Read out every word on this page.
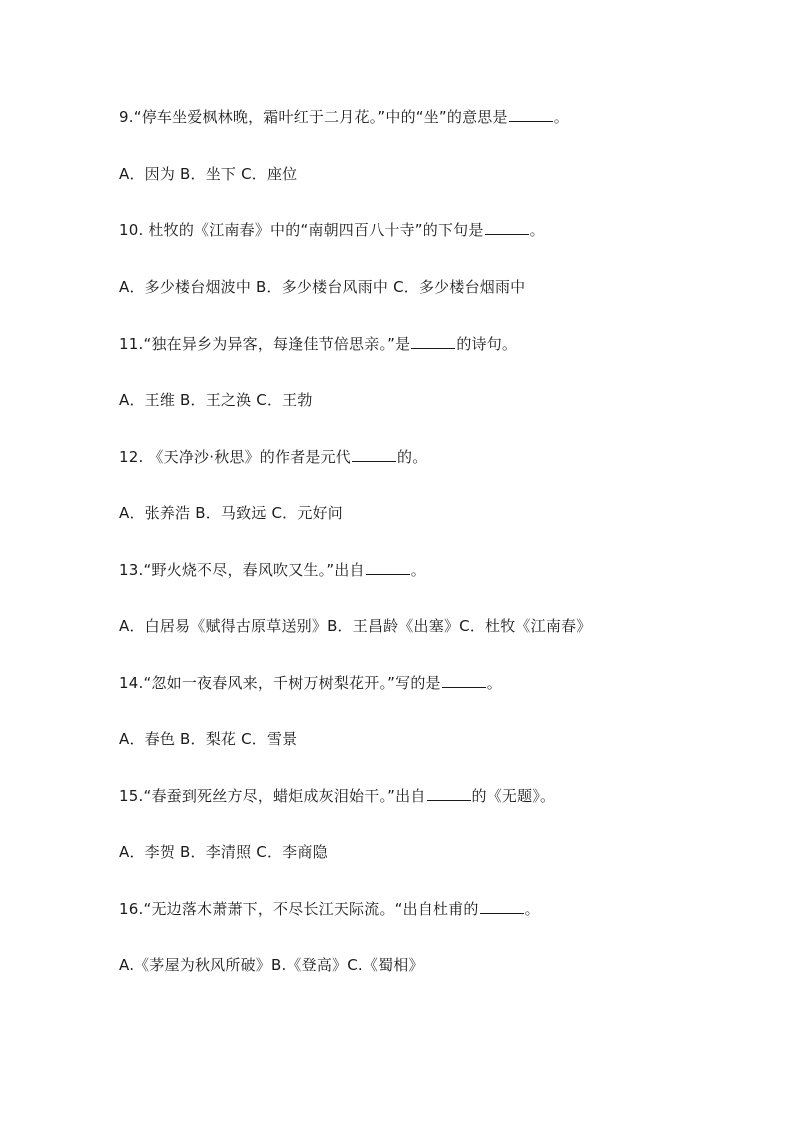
9.“停车坐爱枫林晚，霜叶红于二月花。”中的“坐”的意思是	。
A．因为 B．坐下 C．座位
10. 杜牧的《江南春》中的“南朝四百八十寺”的下句是	。
A．多少楼台烟波中 B．多少楼台风雨中 C．多少楼台烟雨中
11.“独在异乡为异客，每逢佳节倍思亲。”是	的诗句。
A．王维 B．王之涣 C．王勃
12. 《天净沙·秋思》的作者是元代	的。
A．张养浩 B．马致远 C．元好问
13.“野火烧不尽，春风吹又生。”出自	。
A．白居易《赋得古原草送别》B．王昌龄《出塞》C．杜牧《江南春》
14.“忽如一夜春风来，千树万树梨花开。”写的是	。
A．春色 B．梨花 C．雪景
15.“春蚕到死丝方尽，蜡炬成灰泪始干。”出自	的《无题》。
A．李贺 B．李清照 C．李商隐
16.“无边落木萧萧下，不尽长江天际流。“出自杜甫的	。
A.《茅屋为秋风所破》B.《登高》C.《蜀相》
